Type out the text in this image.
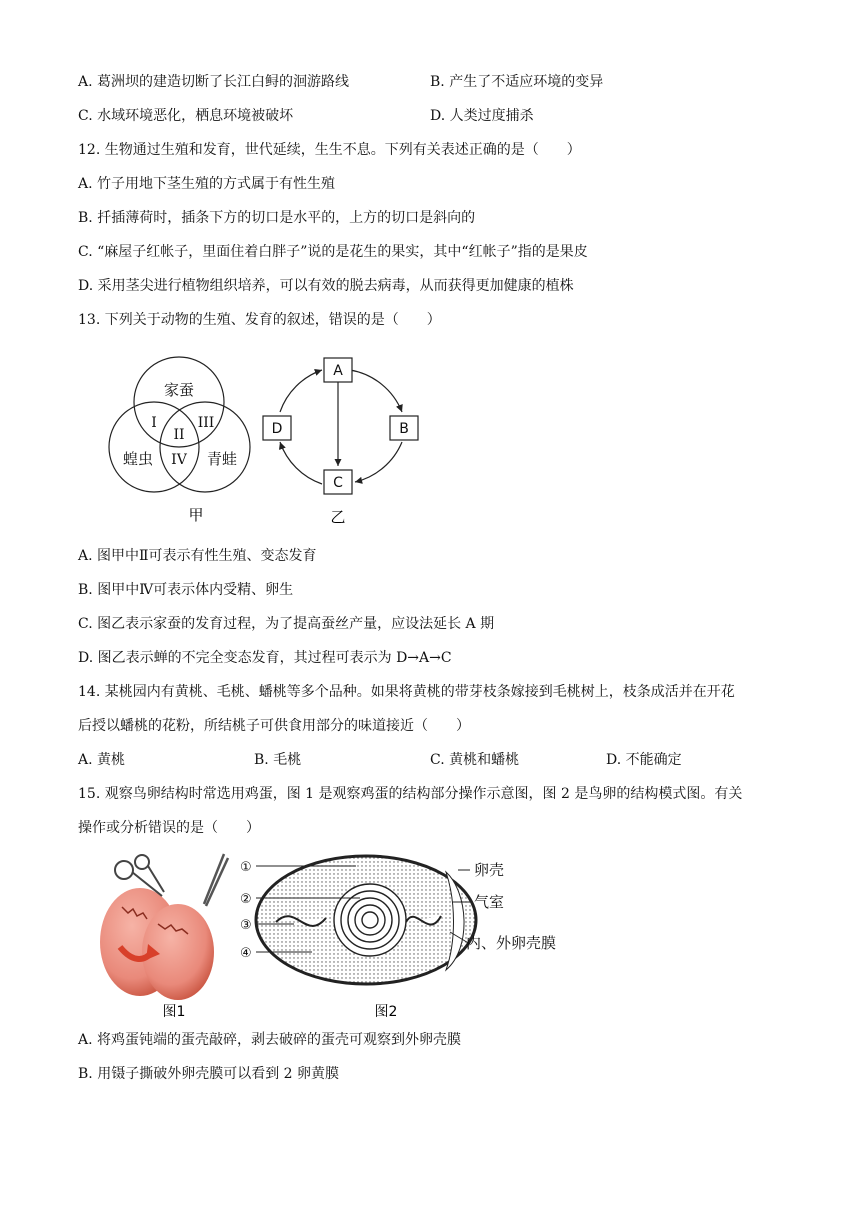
A. 葛洲坝的建造切断了长江白鲟的洄游路线	B. 产生了不适应环境的变异
C. 水域环境恶化，栖息环境被破坏	D. 人类过度捕杀
12. 生物通过生殖和发育，世代延续，生生不息。下列有关表述正确的是（　　）
A. 竹子用地下茎生殖的方式属于有性生殖
B. 扦插薄荷时，插条下方的切口是水平的，上方的切口是斜向的
C. “麻屋子红帐子，里面住着白胖子”说的是花生的果实，其中“红帐子”指的是果皮
D. 采用茎尖进行植物组织培养，可以有效的脱去病毒，从而获得更加健康的植株
13. 下列关于动物的生殖、发育的叙述，错误的是（　　）
家蚕
蝗虫	青蛙
I
II
III
IV
甲
A
B
C
D
乙
A. 图甲中Ⅱ可表示有性生殖、变态发育
B. 图甲中Ⅳ可表示体内受精、卵生
C. 图乙表示家蚕的发育过程，为了提高蚕丝产量，应设法延长 A 期
D. 图乙表示蝉的不完全变态发育，其过程可表示为 D→A→C
14. 某桃园内有黄桃、毛桃、蟠桃等多个品种。如果将黄桃的带芽枝条嫁接到毛桃树上，枝条成活并在开花
后授以蟠桃的花粉，所结桃子可供食用部分的味道接近（　　）
A. 黄桃	B. 毛桃	C. 黄桃和蟠桃	D. 不能确定
15. 观察鸟卵结构时常选用鸡蛋，图 1 是观察鸡蛋的结构部分操作示意图，图 2 是鸟卵的结构模式图。有关
操作或分析错误的是（　　）
图1
①
②
③
④
卵壳
气室
内、外卵壳膜
图2
A. 将鸡蛋钝端的蛋壳敲碎，剥去破碎的蛋壳可观察到外卵壳膜
B. 用镊子撕破外卵壳膜可以看到 2 卵黄膜
